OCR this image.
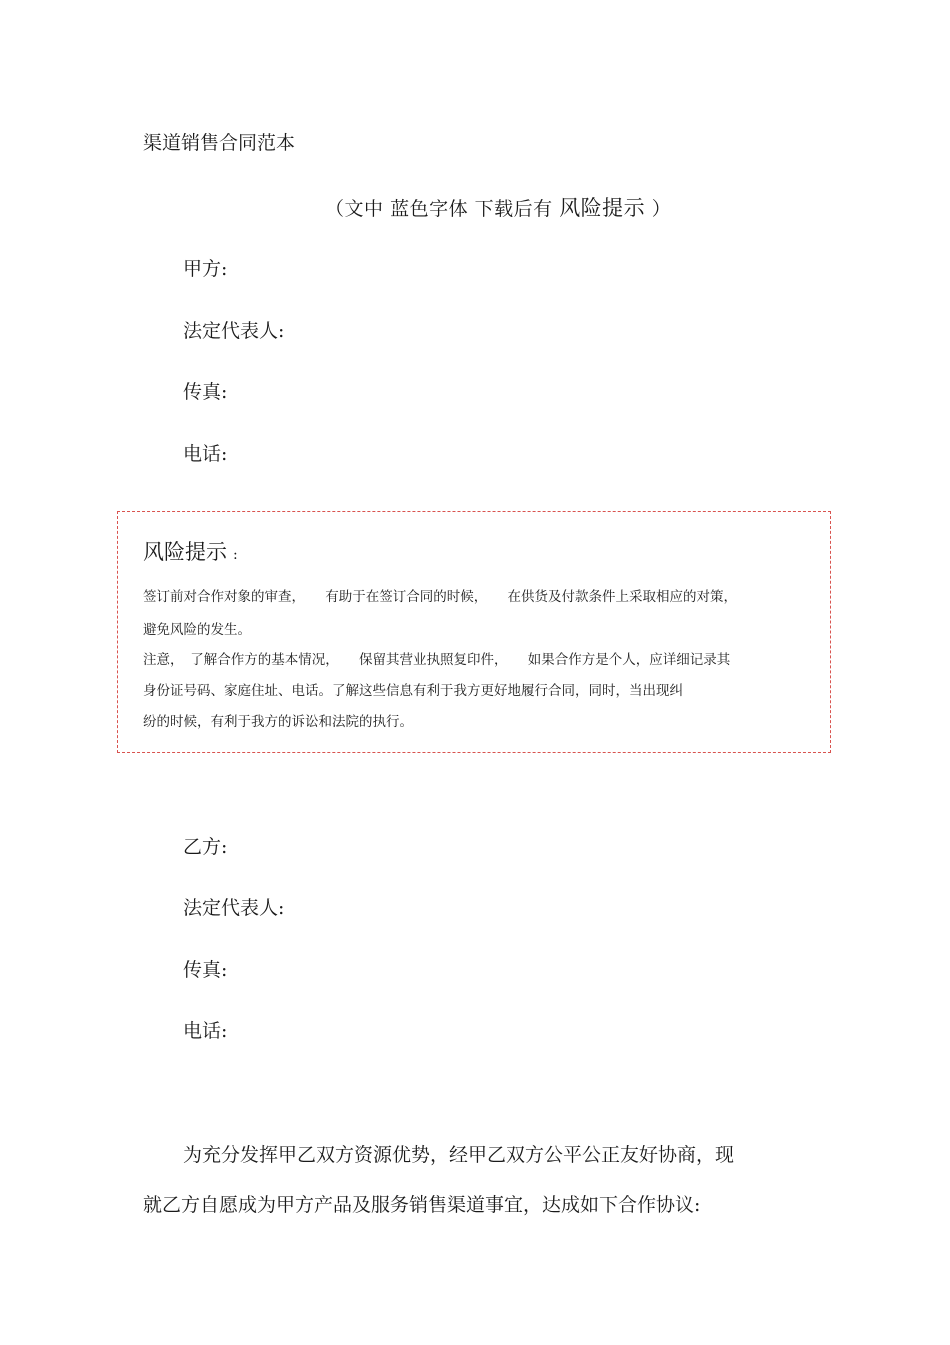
渠道销售合同范本
（文中 蓝色字体 下载后有 风险提示 ）
甲方:
法定代表人:
传真:
电话:
风险提示 :
签订前对合作对象的审查，　　有助于在签订合同的时候，　　在供货及付款条件上采取相应的对策，
避免风险的发生。
注意，　了解合作方的基本情况，　　保留其营业执照复印件，　　如果合作方是个人，应详细记录其
身份证号码、家庭住址、电话。了解这些信息有利于我方更好地履行合同，同时，当出现纠
纷的时候，有利于我方的诉讼和法院的执行。
乙方:
法定代表人:
传真:
电话:
为充分发挥甲乙双方资源优势，经甲乙双方公平公正友好协商，现
就乙方自愿成为甲方产品及服务销售渠道事宜，达成如下合作协议:
